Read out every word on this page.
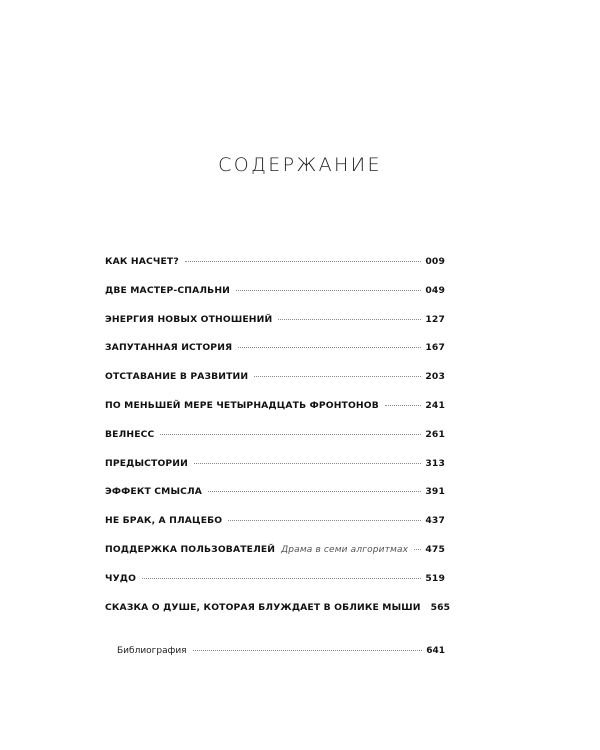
СОДЕРЖАНИЕ
КАК НАСЧЕТ?	009
ДВЕ МАСТЕР-СПАЛЬНИ	049
ЭНЕРГИЯ НОВЫХ ОТНОШЕНИЙ	127
ЗАПУТАННАЯ ИСТОРИЯ	167
ОТСТАВАНИЕ В РАЗВИТИИ	203
ПО МЕНЬШЕЙ МЕРЕ ЧЕТЫРНАДЦАТЬ ФРОНТОНОВ	241
ВЕЛНЕСС	261
ПРЕДЫСТОРИИ	313
ЭФФЕКТ СМЫСЛА	391
НЕ БРАК, А ПЛАЦЕБО	437
ПОДДЕРЖКА ПОЛЬЗОВАТЕЛЕЙ Драма в семи алгоритмах 475
ЧУДО	519
СКАЗКА О ДУШЕ, КОТОРАЯ БЛУЖДАЕТ В ОБЛИКЕ МЫШИ 565
Библиография	641
